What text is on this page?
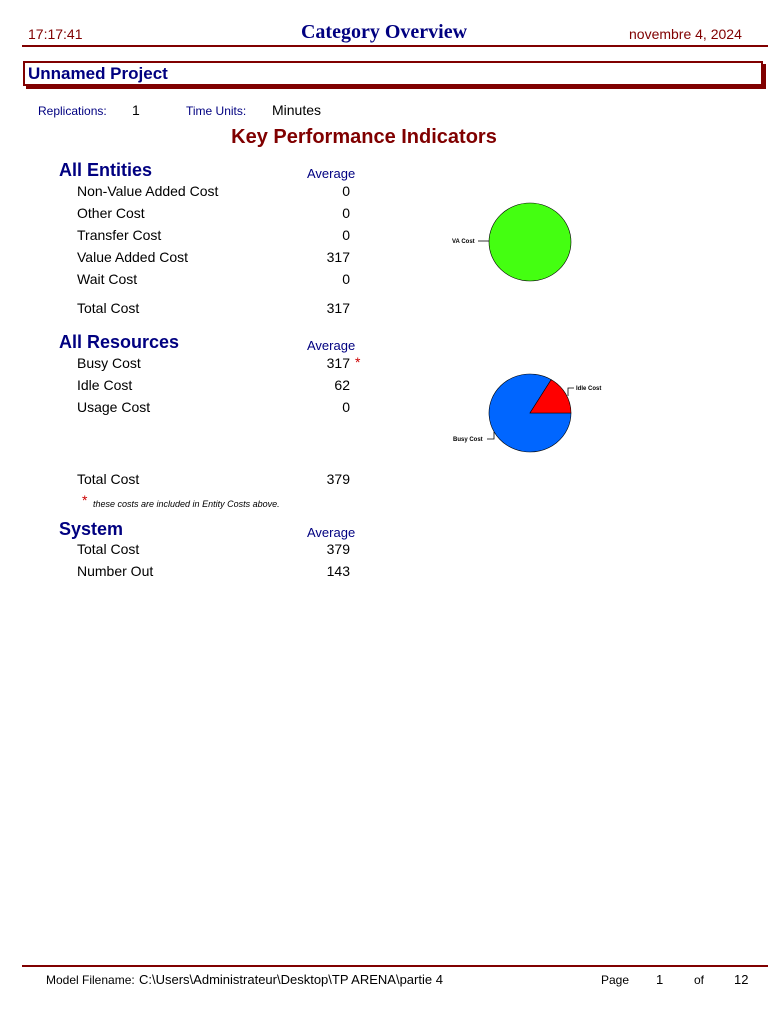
17:17:41	Category Overview	novembre 4, 2024
Unnamed Project
Replications: 1	Time Units: Minutes
Key Performance Indicators
All Entities	Average
Non-Value Added Cost	0
Other Cost	0
Transfer Cost	0
Value Added Cost	317
Wait Cost	0
Total Cost	317
VA Cost
All Resources	Average
Busy Cost	317 *
Idle Cost	62
Usage Cost	0
Total Cost	379
* these costs are included in Entity Costs above.
Idle Cost
Busy Cost
System	Average
Total Cost	379
Number Out	143
Model Filename: C:\Users\Administrateur\Desktop\TP ARENA\partie 4	Page 1	of 12
